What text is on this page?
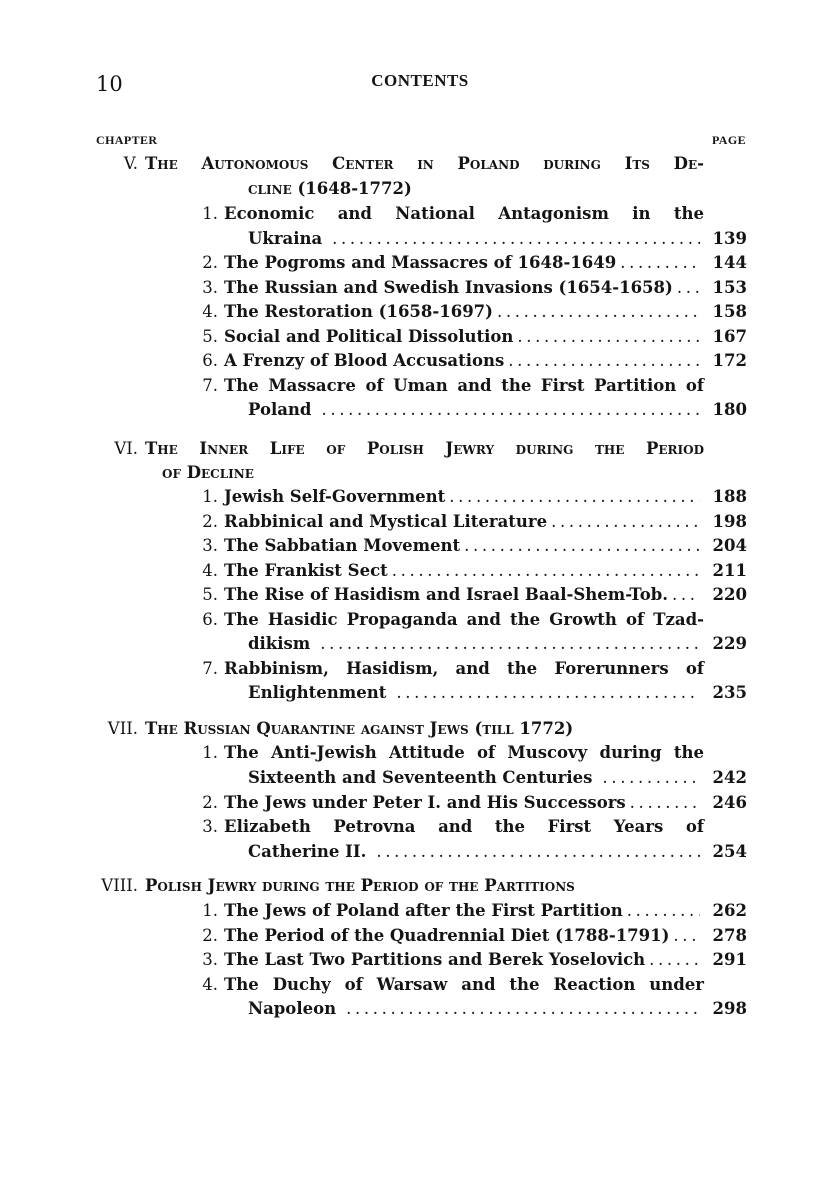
10	CONTENTS
CHAPTER	PAGE
V. The Autonomous Center in Poland during Its De-
cline (1648-1772)
1. Economic and National Antagonism in the
Ukraina . . .	139
2. The Pogroms and Massacres of 1648-1649 . . .	144
3. The Russian and Swedish Invasions (1654-1658) . . .	153
4. The Restoration (1658-1697) . . .	158
5. Social and Political Dissolution . . .	167
6. A Frenzy of Blood Accusations . . .	172
7. The Massacre of Uman and the First Partition of
Poland . . .	180
VI. The Inner Life of Polish Jewry during the Period
of Decline
1. Jewish Self-Government . . .	188
2. Rabbinical and Mystical Literature . . .	198
3. The Sabbatian Movement . . .	204
4. The Frankist Sect . . .	211
5. The Rise of Hasidism and Israel Baal-Shem-Tob. . . .	220
6. The Hasidic Propaganda and the Growth of Tzad-
dikism . . .	229
7. Rabbinism, Hasidism, and the Forerunners of
Enlightenment . . .	235
VII. The Russian Quarantine against Jews (till 1772)
1. The Anti-Jewish Attitude of Muscovy during the
Sixteenth and Seventeenth Centuries . . .	242
2. The Jews under Peter I. and His Successors . . .	246
3. Elizabeth Petrovna and the First Years of
Catherine II. . . .	254
VIII. Polish Jewry during the Period of the Partitions
1. The Jews of Poland after the First Partition . . .	262
2. The Period of the Quadrennial Diet (1788-1791) . . .	278
3. The Last Two Partitions and Berek Yoselovich . . .	291
4. The Duchy of Warsaw and the Reaction under
Napoleon . . .	298
